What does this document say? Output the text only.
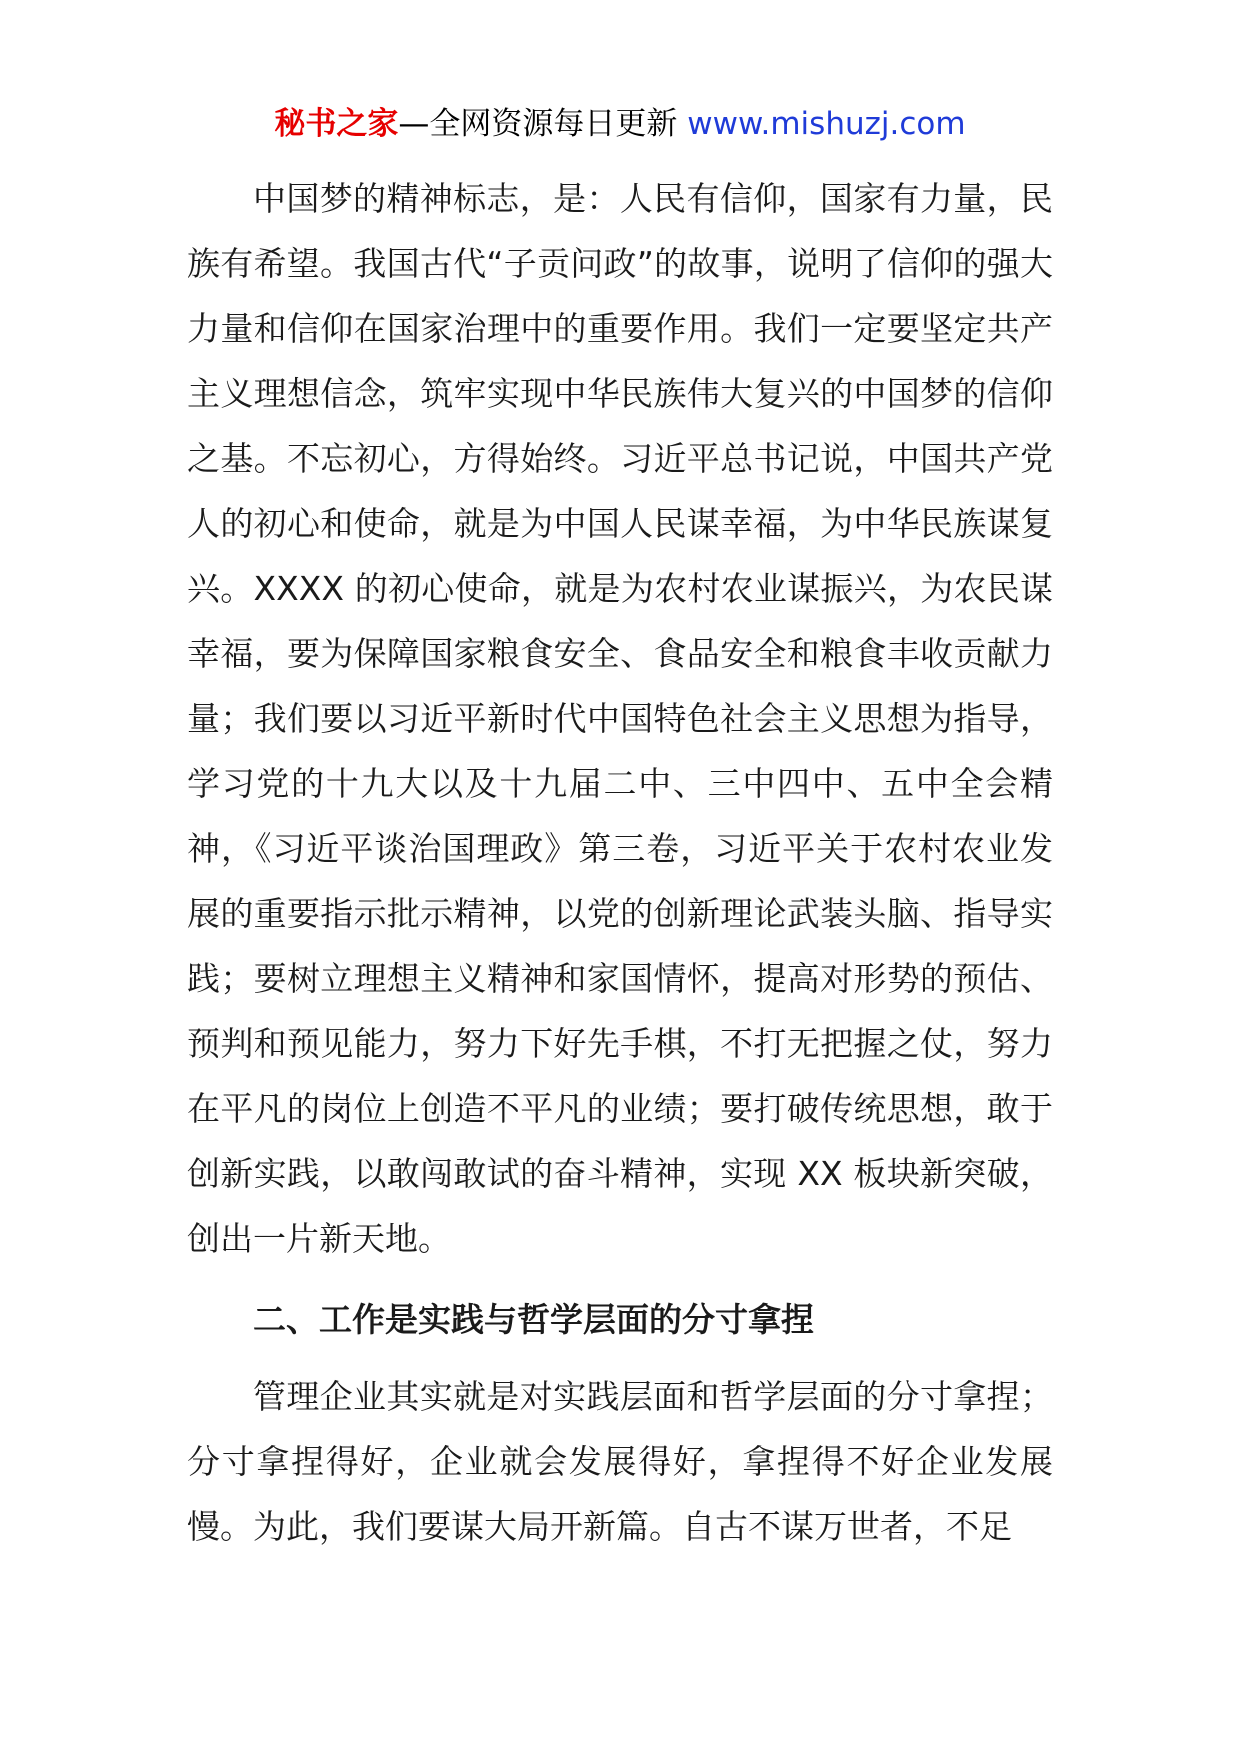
秘书之家—全网资源每日更新 www.mishuzj.com

中国梦的精神标志，是：人民有信仰，国家有力量，民族有希望。我国古代“子贡问政”的故事，说明了信仰的强大力量和信仰在国家治理中的重要作用。我们一定要坚定共产主义理想信念，筑牢实现中华民族伟大复兴的中国梦的信仰之基。不忘初心，方得始终。习近平总书记说，中国共产党人的初心和使命，就是为中国人民谋幸福，为中华民族谋复兴。XXXX 的初心使命，就是为农村农业谋振兴，为农民谋幸福，要为保障国家粮食安全、食品安全和粮食丰收贡献力量；我们要以习近平新时代中国特色社会主义思想为指导，学习党的十九大以及十九届二中、三中四中、五中全会精神，《习近平谈治国理政》第三卷，习近平关于农村农业发展的重要指示批示精神，以党的创新理论武装头脑、指导实践；要树立理想主义精神和家国情怀，提高对形势的预估、预判和预见能力，努力下好先手棋，不打无把握之仗，努力在平凡的岗位上创造不平凡的业绩；要打破传统思想，敢于创新实践，以敢闯敢试的奋斗精神，实现 XX 板块新突破，创出一片新天地。

二、工作是实践与哲学层面的分寸拿捏

管理企业其实就是对实践层面和哲学层面的分寸拿捏；分寸拿捏得好，企业就会发展得好，拿捏得不好企业发展慢。为此，我们要谋大局开新篇。自古不谋万世者，不足
